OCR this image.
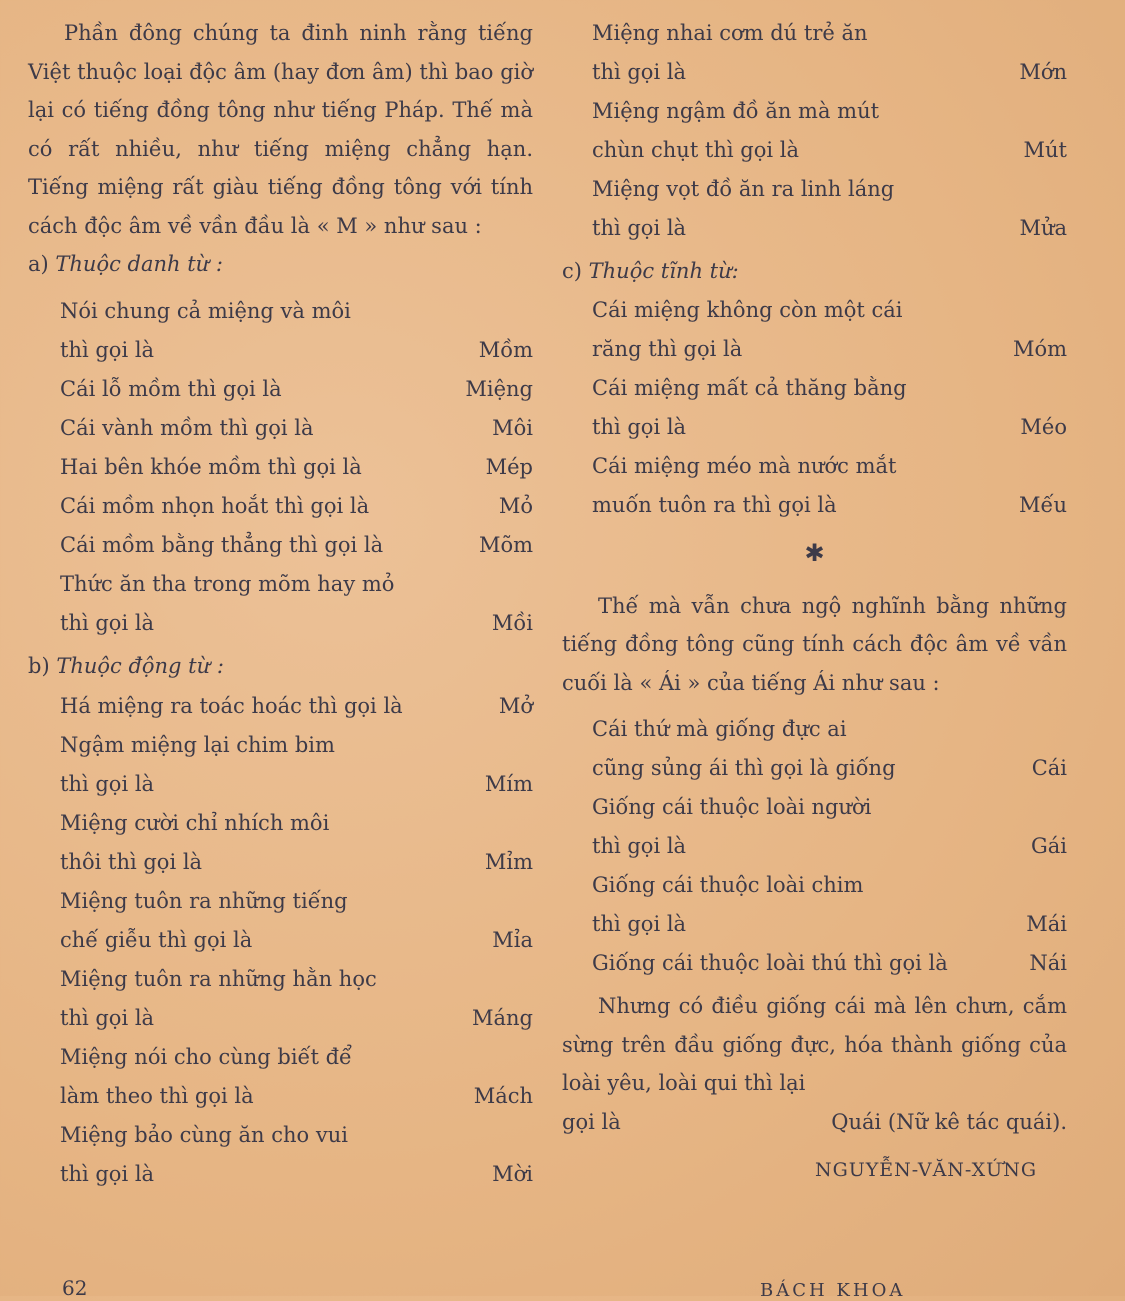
Phần đông chúng ta đinh ninh rằng tiếng Việt thuộc loại độc âm (hay đơn âm) thì bao giờ lại có tiếng đồng tông như tiếng Pháp. Thế mà có rất nhiều, như tiếng miệng chẳng hạn. Tiếng miệng rất giàu tiếng đồng tông với tính cách độc âm về vần đầu là « M » như sau :

a) Thuộc danh từ :

Nói chung cả miệng và môi
thì gọi là	Mồm
Cái lỗ mồm thì gọi là	Miệng
Cái vành mồm thì gọi là	Môi
Hai bên khóe mồm thì gọi là	Mép
Cái mồm nhọn hoắt thì gọi là	Mỏ
Cái mồm bằng thẳng thì gọi là	Mõm
Thức ăn tha trong mõm hay mỏ
thì gọi là	Mồi

b) Thuộc động từ :

Há miệng ra toác hoác thì gọi là	Mở
Ngậm miệng lại chim bim
thì gọi là	Mím
Miệng cười chỉ nhích môi
thôi thì gọi là	Mỉm
Miệng tuôn ra những tiếng
chế giễu thì gọi là	Mỉa
Miệng tuôn ra những hằn học
thì gọi là	Máng
Miệng nói cho cùng biết để
làm theo thì gọi là	Mách
Miệng bảo cùng ăn cho vui
thì gọi là	Mời
Miệng nhai cơm dú trẻ ăn
thì gọi là	Mớn
Miệng ngậm đồ ăn mà mút
chùn chụt thì gọi là	Mút
Miệng vọt đồ ăn ra linh láng
thì gọi là	Mửa

c) Thuộc tĩnh từ:

Cái miệng không còn một cái
răng thì gọi là	Móm
Cái miệng mất cả thăng bằng
thì gọi là	Méo
Cái miệng méo mà nước mắt
muốn tuôn ra thì gọi là	Mếu
✱

Thế mà vẫn chưa ngộ nghĩnh bằng những tiếng đồng tông cũng tính cách độc âm về vần cuối là « Ái » của tiếng Ái như sau :

Cái thứ mà giống đực ai
cũng sủng ái thì gọi là giống	Cái
Giống cái thuộc loài người
thì gọi là	Gái
Giống cái thuộc loài chim
thì gọi là	Mái
Giống cái thuộc loài thú thì gọi là	Nái

Nhưng có điều giống cái mà lên chưn, cắm sừng trên đầu giống đực, hóa thành giống của loài yêu, loài qui thì lại

gọi là	Quái (Nữ kê tác quái).
NGUYỄN-VĂN-XỨNG
62	BÁCH KHOA
